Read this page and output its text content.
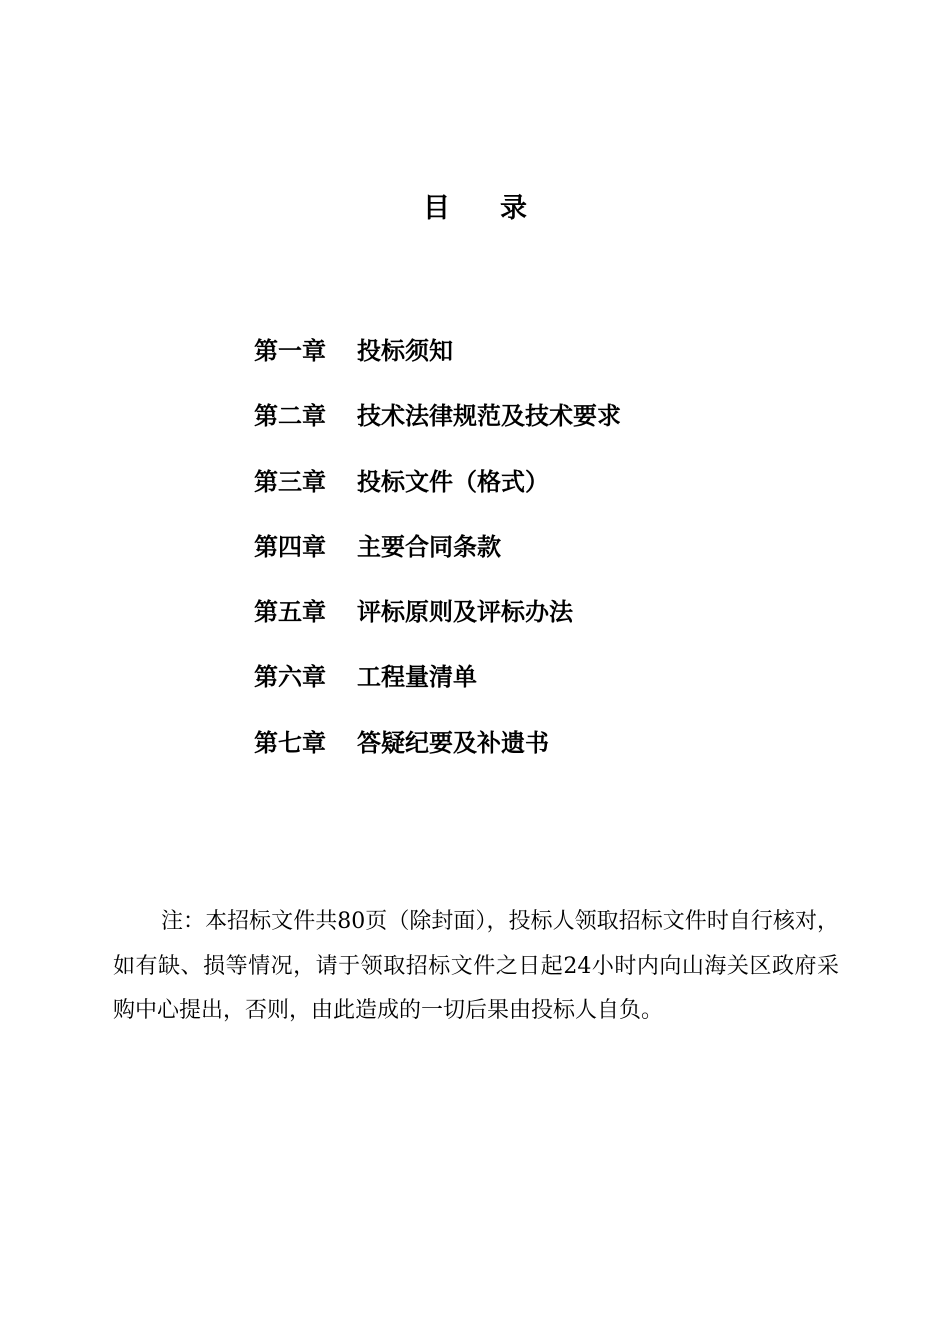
目 录
第一章 投标须知
第二章 技术法律规范及技术要求
第三章 投标文件（格式）
第四章 主要合同条款
第五章 评标原则及评标办法
第六章 工程量清单
第七章 答疑纪要及补遗书

注：本招标文件共80页（除封面），投标人领取招标文件时自行核对，如有缺、损等情况，请于领取招标文件之日起24小时内向山海关区政府采购中心提出，否则，由此造成的一切后果由投标人自负。
